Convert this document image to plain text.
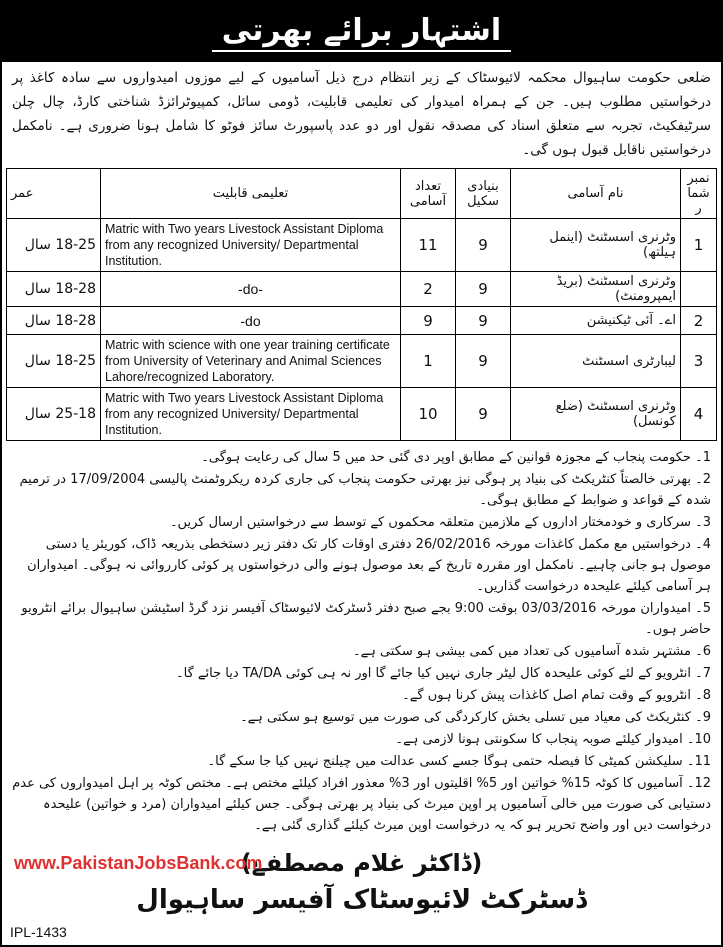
اشتہار برائے بھرتی
ضلعی حکومت ساہیوال محکمہ لائیوسٹاک کے زیر انتظام درج ذیل آسامیوں کے لیے موزوں امیدواروں سے سادہ کاغذ پر درخواستیں مطلوب ہیں۔ جن کے ہمراہ امیدوار کی تعلیمی قابلیت، ڈومی سائل، کمپیوٹرائزڈ شناختی کارڈ، چال چلن سرٹیفکیٹ، تجربہ سے متعلق اسناد کی مصدقہ نقول اور دو عدد پاسپورٹ سائز فوٹو کا شامل ہونا ضروری ہے۔ نامکمل درخواستیں ناقابل قبول ہوں گی۔
نمبر شمار	نام آسامی	بنیادی سکیل	تعداد آسامی	تعلیمی قابلیت	عمر
1	وٹرنری اسسٹنٹ (اینمل ہیلتھ)	9	11	Matric with Two years Livestock Assistant Diploma from any recognized University/ Departmental Institution.	18-25 سال
	وٹرنری اسسٹنٹ (بریڈ ایمپرومنٹ)	9	2	-do-	18-28 سال
2	اے۔ آئی ٹیکنیشن	9	9	-do	18-28 سال
3	لیبارٹری اسسٹنٹ	9	1	Matric with science with one year training certificate from University of Veterinary and Animal Sciences Lahore/recognized Laboratory.	18-25 سال
4	وٹرنری اسسٹنٹ (ضلع کونسل)	9	10	Matric with Two years Livestock Assistant Diploma from any recognized University/ Departmental Institution.	25-18 سال

1۔ حکومت پنجاب کے مجوزہ قوانین کے مطابق اوپر دی گئی حد میں 5 سال کی رعایت ہوگی۔

2۔ بھرتی خالصتاً کنٹریکٹ کی بنیاد پر ہوگی نیز بھرتی حکومت پنجاب کی جاری کردہ ریکروٹمنٹ پالیسی 17/09/2004 در ترمیم شدہ کے قواعد و ضوابط کے مطابق ہوگی۔

3۔ سرکاری و خودمختار اداروں کے ملازمین متعلقہ محکموں کے توسط سے درخواستیں ارسال کریں۔

4۔ درخواستیں مع مکمل کاغذات مورخہ 26/02/2016 دفتری اوقات کار تک دفتر زیر دستخطی بذریعہ ڈاک، کوریئر یا دستی موصول ہو جانی چاہیے۔ نامکمل اور مقررہ تاریخ کے بعد موصول ہونے والی درخواستوں پر کوئی کارروائی نہ ہوگی۔ امیدواران ہر آسامی کیلئے علیحدہ درخواست گذاریں۔

5۔ امیدواران مورخہ 03/03/2016 بوقت 9:00 بجے صبح دفتر ڈسٹرکٹ لائیوسٹاک آفیسر نزد گرڈ اسٹیشن ساہیوال برائے انٹرویو حاضر ہوں۔

6۔ مشتہر شدہ آسامیوں کی تعداد میں کمی بیشی ہو سکتی ہے۔

7۔ انٹرویو کے لئے کوئی علیحدہ کال لیٹر جاری نہیں کیا جائے گا اور نہ ہی کوئی TA/DA دیا جائے گا۔

8۔ انٹرویو کے وقت تمام اصل کاغذات پیش کرنا ہوں گے۔

9۔ کنٹریکٹ کی معیاد میں تسلی بخش کارکردگی کی صورت میں توسیع ہو سکتی ہے۔

10۔ امیدوار کیلئے صوبہ پنجاب کا سکونتی ہونا لازمی ہے۔

11۔ سلیکشن کمیٹی کا فیصلہ حتمی ہوگا جسے کسی عدالت میں چیلنج نہیں کیا جا سکے گا۔

12۔ آسامیوں کا کوٹہ 15% خواتین اور 5% اقلیتوں اور 3% معذور افراد کیلئے مختص ہے۔ مختص کوٹہ پر اہل امیدواروں کی عدم دستیابی کی صورت میں خالی آسامیوں پر اوپن میرٹ کی بنیاد پر بھرتی ہوگی۔ جس کیلئے امیدواران (مرد و خواتین) علیحدہ درخواست دیں اور واضح تحریر ہو کہ یہ درخواست اوپن میرٹ کیلئے گذاری گئی ہے۔

www.PakistanJobsBank.com
(ڈاکٹر غلام مصطفےٰ)
ڈسٹرکٹ لائیوسٹاک آفیسر ساہیوال
IPL-1433
